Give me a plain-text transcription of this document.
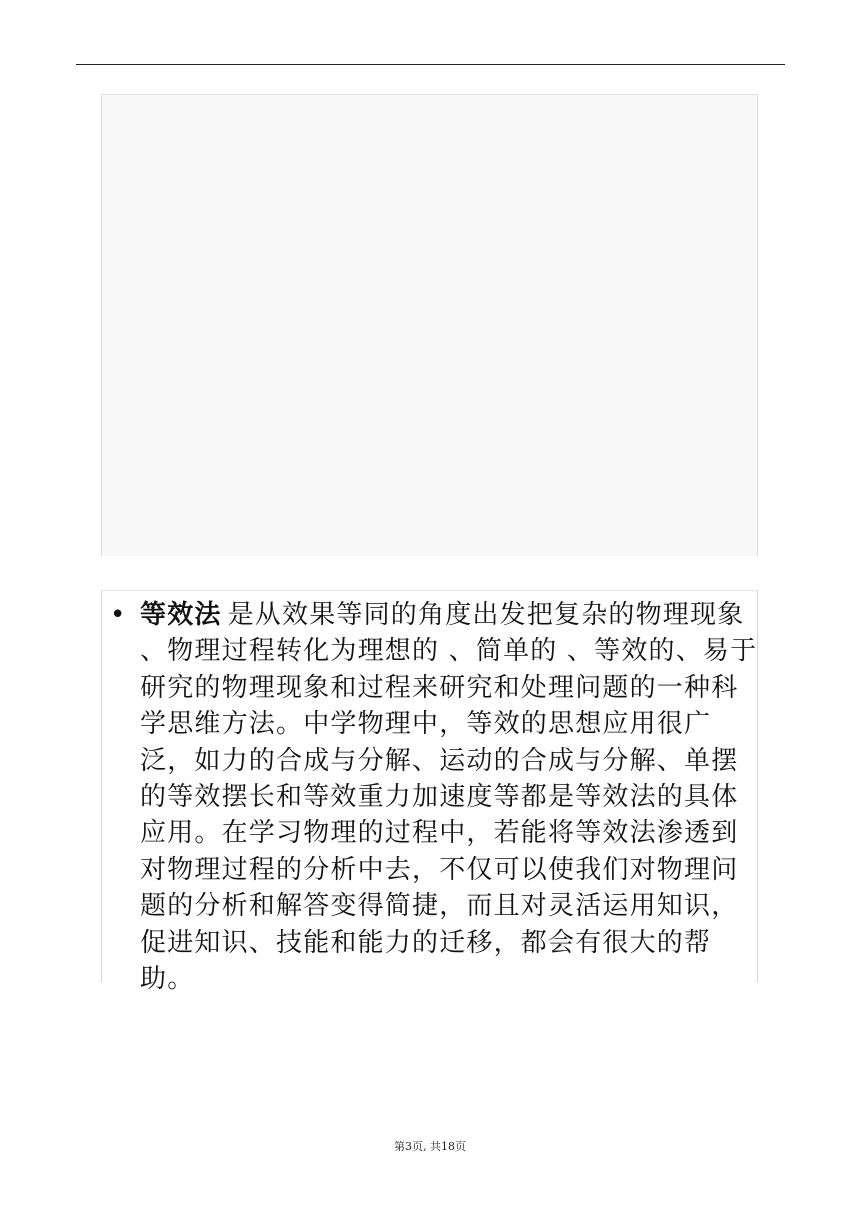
• 等效法 是从效果等同的角度出发把复杂的物理现象 、物理过程转化为理想的 、简单的 、等效的、易于研究的物理现象和过程来研究和处理问题的一种科学思维方法。中学物理中，等效的思想应用很广泛，如力的合成与分解、运动的合成与分解、单摆的等效摆长和等效重力加速度等都是等效法的具体应用。在学习物理的过程中，若能将等效法渗透到对物理过程的分析中去，不仅可以使我们对物理问题的分析和解答变得简捷，而且对灵活运用知识，促进知识、技能和能力的迁移，都会有很大的帮助。

第3页, 共18页
